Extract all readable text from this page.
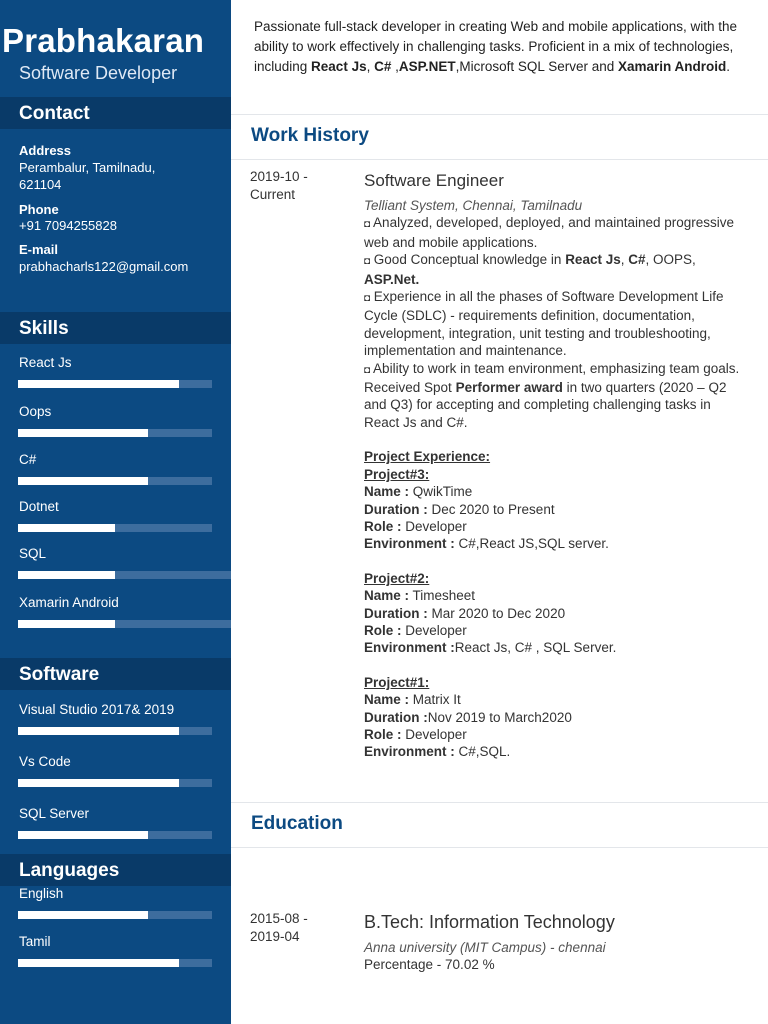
Prabhakaran
Software Developer
Contact
Address
Perambalur, Tamilnadu,
621104
Phone
+91 7094255828
E-mail
prabhacharls122@gmail.com
Skills
React Js
Oops
C#
Dotnet
SQL
Xamarin Android
Software
Visual Studio 2017& 2019
Vs Code
SQL Server
Languages
English
Tamil
Passionate full-stack developer in creating Web and mobile applications, with the ability to work effectively in challenging tasks. Proficient in a mix of technologies, including React Js, C# ,ASP.NET,Microsoft SQL Server and Xamarin Android.
Work History
2019-10 -
Current
Software Engineer
Telliant System, Chennai, Tamilnadu
◘ Analyzed, developed, deployed, and maintained progressive web and mobile applications.
◘ Good Conceptual knowledge in React Js, C#, OOPS, ASP.Net.
◘ Experience in all the phases of Software Development Life Cycle (SDLC) - requirements definition, documentation, development, integration, unit testing and troubleshooting, implementation and maintenance.
◘ Ability to work in team environment, emphasizing team goals.
Received Spot Performer award in two quarters (2020 – Q2 and Q3) for accepting and completing challenging tasks in React Js and C#.
Project Experience:
Project#3:
Name : QwikTime
Duration : Dec 2020 to Present
Role : Developer
Environment : C#,React JS,SQL server.
Project#2:
Name : Timesheet
Duration : Mar 2020 to Dec 2020
Role : Developer
Environment :React Js, C# , SQL Server.
Project#1:
Name : Matrix It
Duration :Nov 2019 to March2020
Role : Developer
Environment : C#,SQL.
Education
2015-08 -
2019-04
B.Tech: Information Technology
Anna university (MIT Campus) - chennai
Percentage - 70.02 %
